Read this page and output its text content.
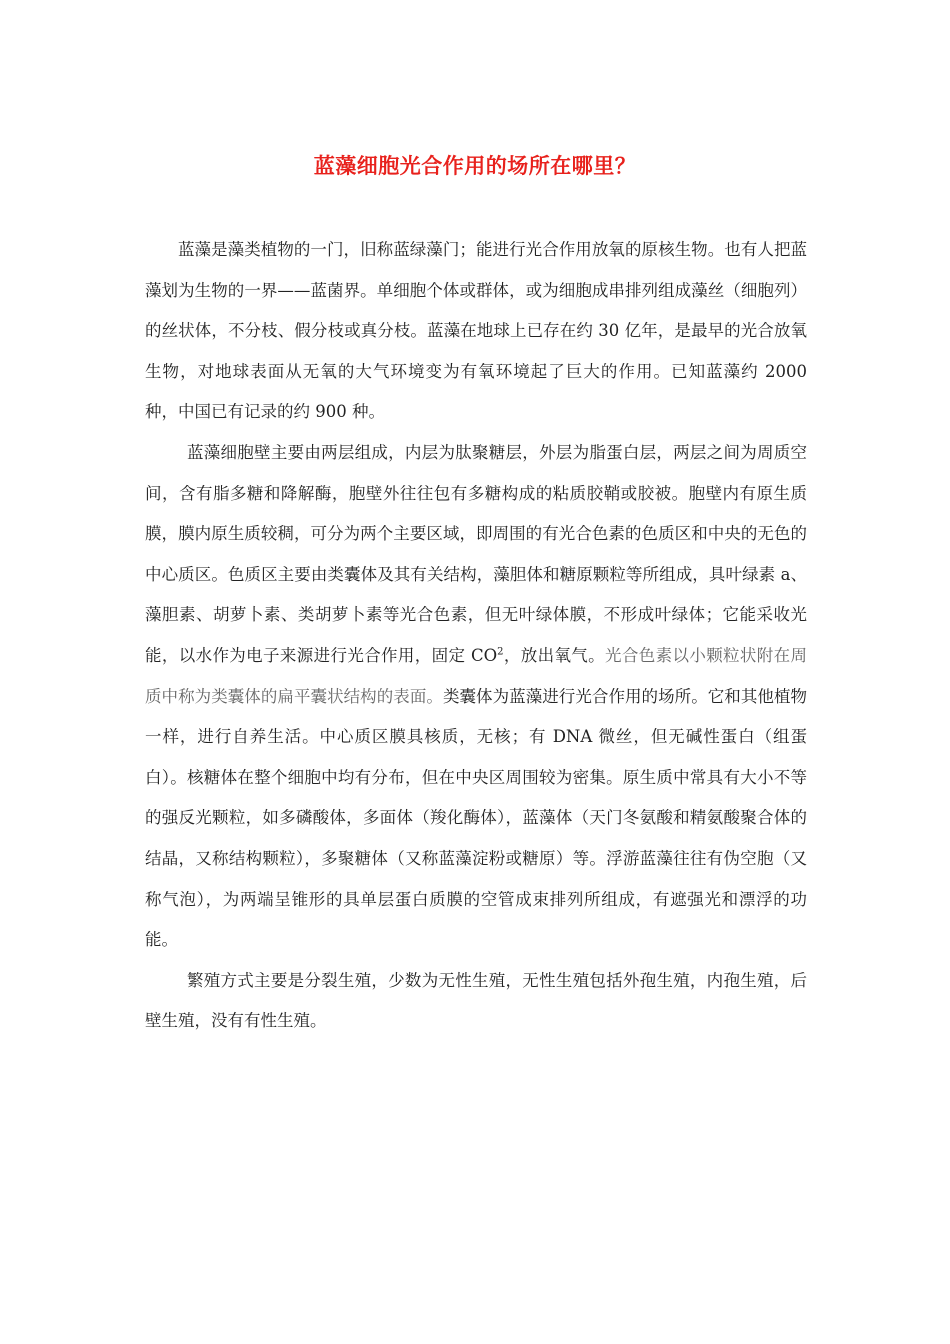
蓝藻细胞光合作用的场所在哪里？

蓝藻是藻类植物的一门，旧称蓝绿藻门；能进行光合作用放氧的原核生物。也有人把蓝藻划为生物的一界——蓝菌界。单细胞个体或群体，或为细胞成串排列组成藻丝（细胞列）的丝状体，不分枝、假分枝或真分枝。蓝藻在地球上已存在约 30 亿年，是最早的光合放氧生物，对地球表面从无氧的大气环境变为有氧环境起了巨大的作用。已知蓝藻约 2000 种，中国已有记录的约 900 种。

蓝藻细胞壁主要由两层组成，内层为肽聚糖层，外层为脂蛋白层，两层之间为周质空间，含有脂多糖和降解酶，胞壁外往往包有多糖构成的粘质胶鞘或胶被。胞壁内有原生质膜，膜内原生质较稠，可分为两个主要区域，即周围的有光合色素的色质区和中央的无色的中心质区。色质区主要由类囊体及其有关结构，藻胆体和糖原颗粒等所组成，具叶绿素 a、藻胆素、胡萝卜素、类胡萝卜素等光合色素，但无叶绿体膜，不形成叶绿体；它能采收光能，以水作为电子来源进行光合作用，固定 $CO^2$，放出氧气。光合色素以小颗粒状附在周质中称为类囊体的扁平囊状结构的表面。类囊体为蓝藻进行光合作用的场所。它和其他植物一样，进行自养生活。中心质区膜具核质，无核；有 DNA 微丝，但无碱性蛋白（组蛋白）。核糖体在整个细胞中均有分布，但在中央区周围较为密集。原生质中常具有大小不等的强反光颗粒，如多磷酸体，多面体（羧化酶体），蓝藻体（天门冬氨酸和精氨酸聚合体的结晶，又称结构颗粒），多聚糖体（又称蓝藻淀粉或糖原）等。浮游蓝藻往往有伪空胞（又称气泡），为两端呈锥形的具单层蛋白质膜的空管成束排列所组成，有遮强光和漂浮的功能。

繁殖方式主要是分裂生殖，少数为无性生殖，无性生殖包括外孢生殖，内孢生殖，后壁生殖，没有有性生殖。
